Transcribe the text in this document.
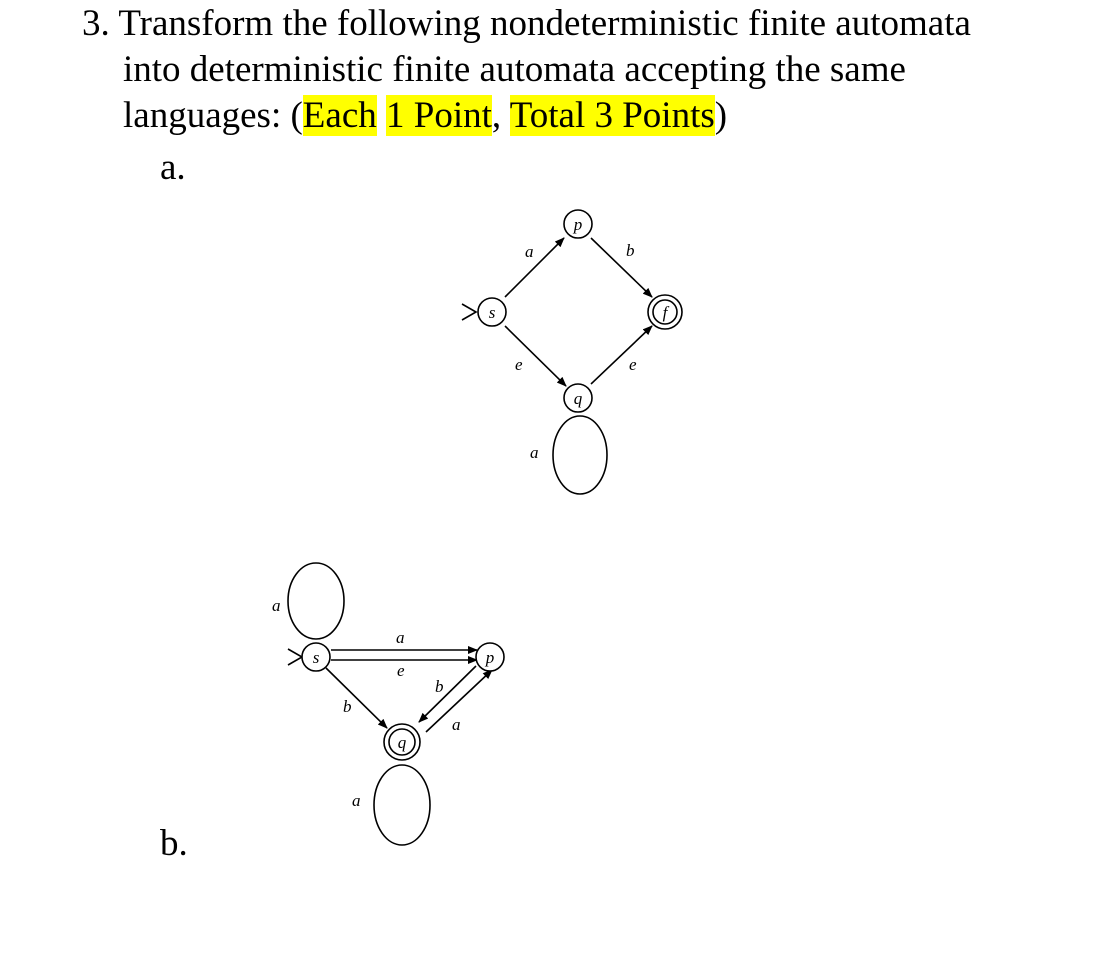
3. Transform the following nondeterministic finite automata
into deterministic finite automata accepting the same
languages: (Each 1 Point, Total 3 Points)
a.
b.
s
p
q
f
a	b
e	e
a
s	p
q
a
a
e
b
b
a
a
